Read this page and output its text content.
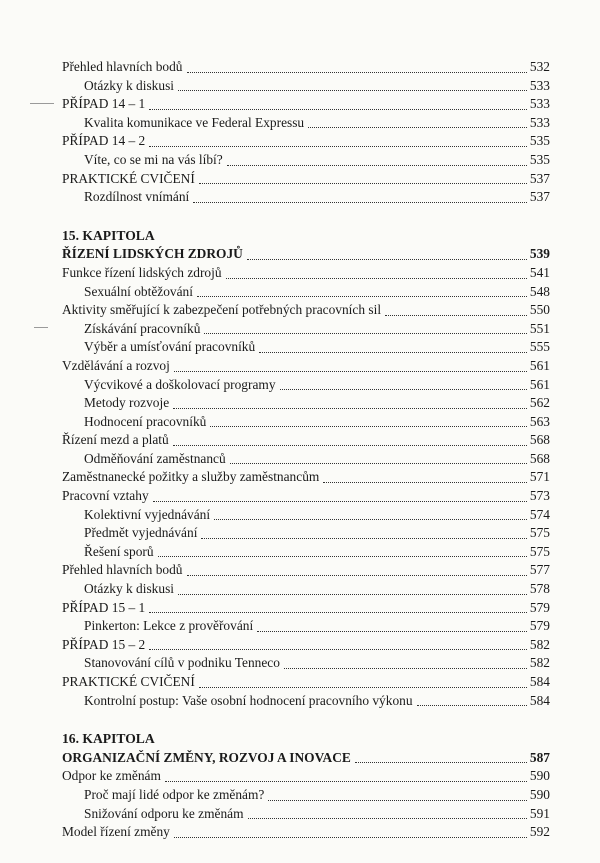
Přehled hlavních bodů	532
Otázky k diskusi	533
PŘÍPAD 14 – 1	533
Kvalita komunikace ve Federal Expressu	533
PŘÍPAD 14 – 2	535
Víte, co se mi na vás líbí?	535
PRAKTICKÉ CVIČENÍ	537
Rozdílnost vnímání	537
15. KAPITOLA
ŘÍZENÍ LIDSKÝCH ZDROJŮ	539
Funkce řízení lidských zdrojů	541
Sexuální obtěžování	548
Aktivity směřující k zabezpečení potřebných pracovních sil	550
Získávání pracovníků	551
Výběr a umísťování pracovníků	555
Vzdělávání a rozvoj	561
Výcvikové a doškolovací programy	561
Metody rozvoje	562
Hodnocení pracovníků	563
Řízení mezd a platů	568
Odměňování zaměstnanců	568
Zaměstnanecké požitky a služby zaměstnancům	571
Pracovní vztahy	573
Kolektivní vyjednávání	574
Předmět vyjednávání	575
Řešení sporů	575
Přehled hlavních bodů	577
Otázky k diskusi	578
PŘÍPAD 15 – 1	579
Pinkerton: Lekce z prověřování	579
PŘÍPAD 15 – 2	582
Stanovování cílů v podniku Tenneco	582
PRAKTICKÉ CVIČENÍ	584
Kontrolní postup: Vaše osobní hodnocení pracovního výkonu	584
16. KAPITOLA
ORGANIZAČNÍ ZMĚNY, ROZVOJ A INOVACE	587
Odpor ke změnám	590
Proč mají lidé odpor ke změnám?	590
Snižování odporu ke změnám	591
Model řízení změny	592
